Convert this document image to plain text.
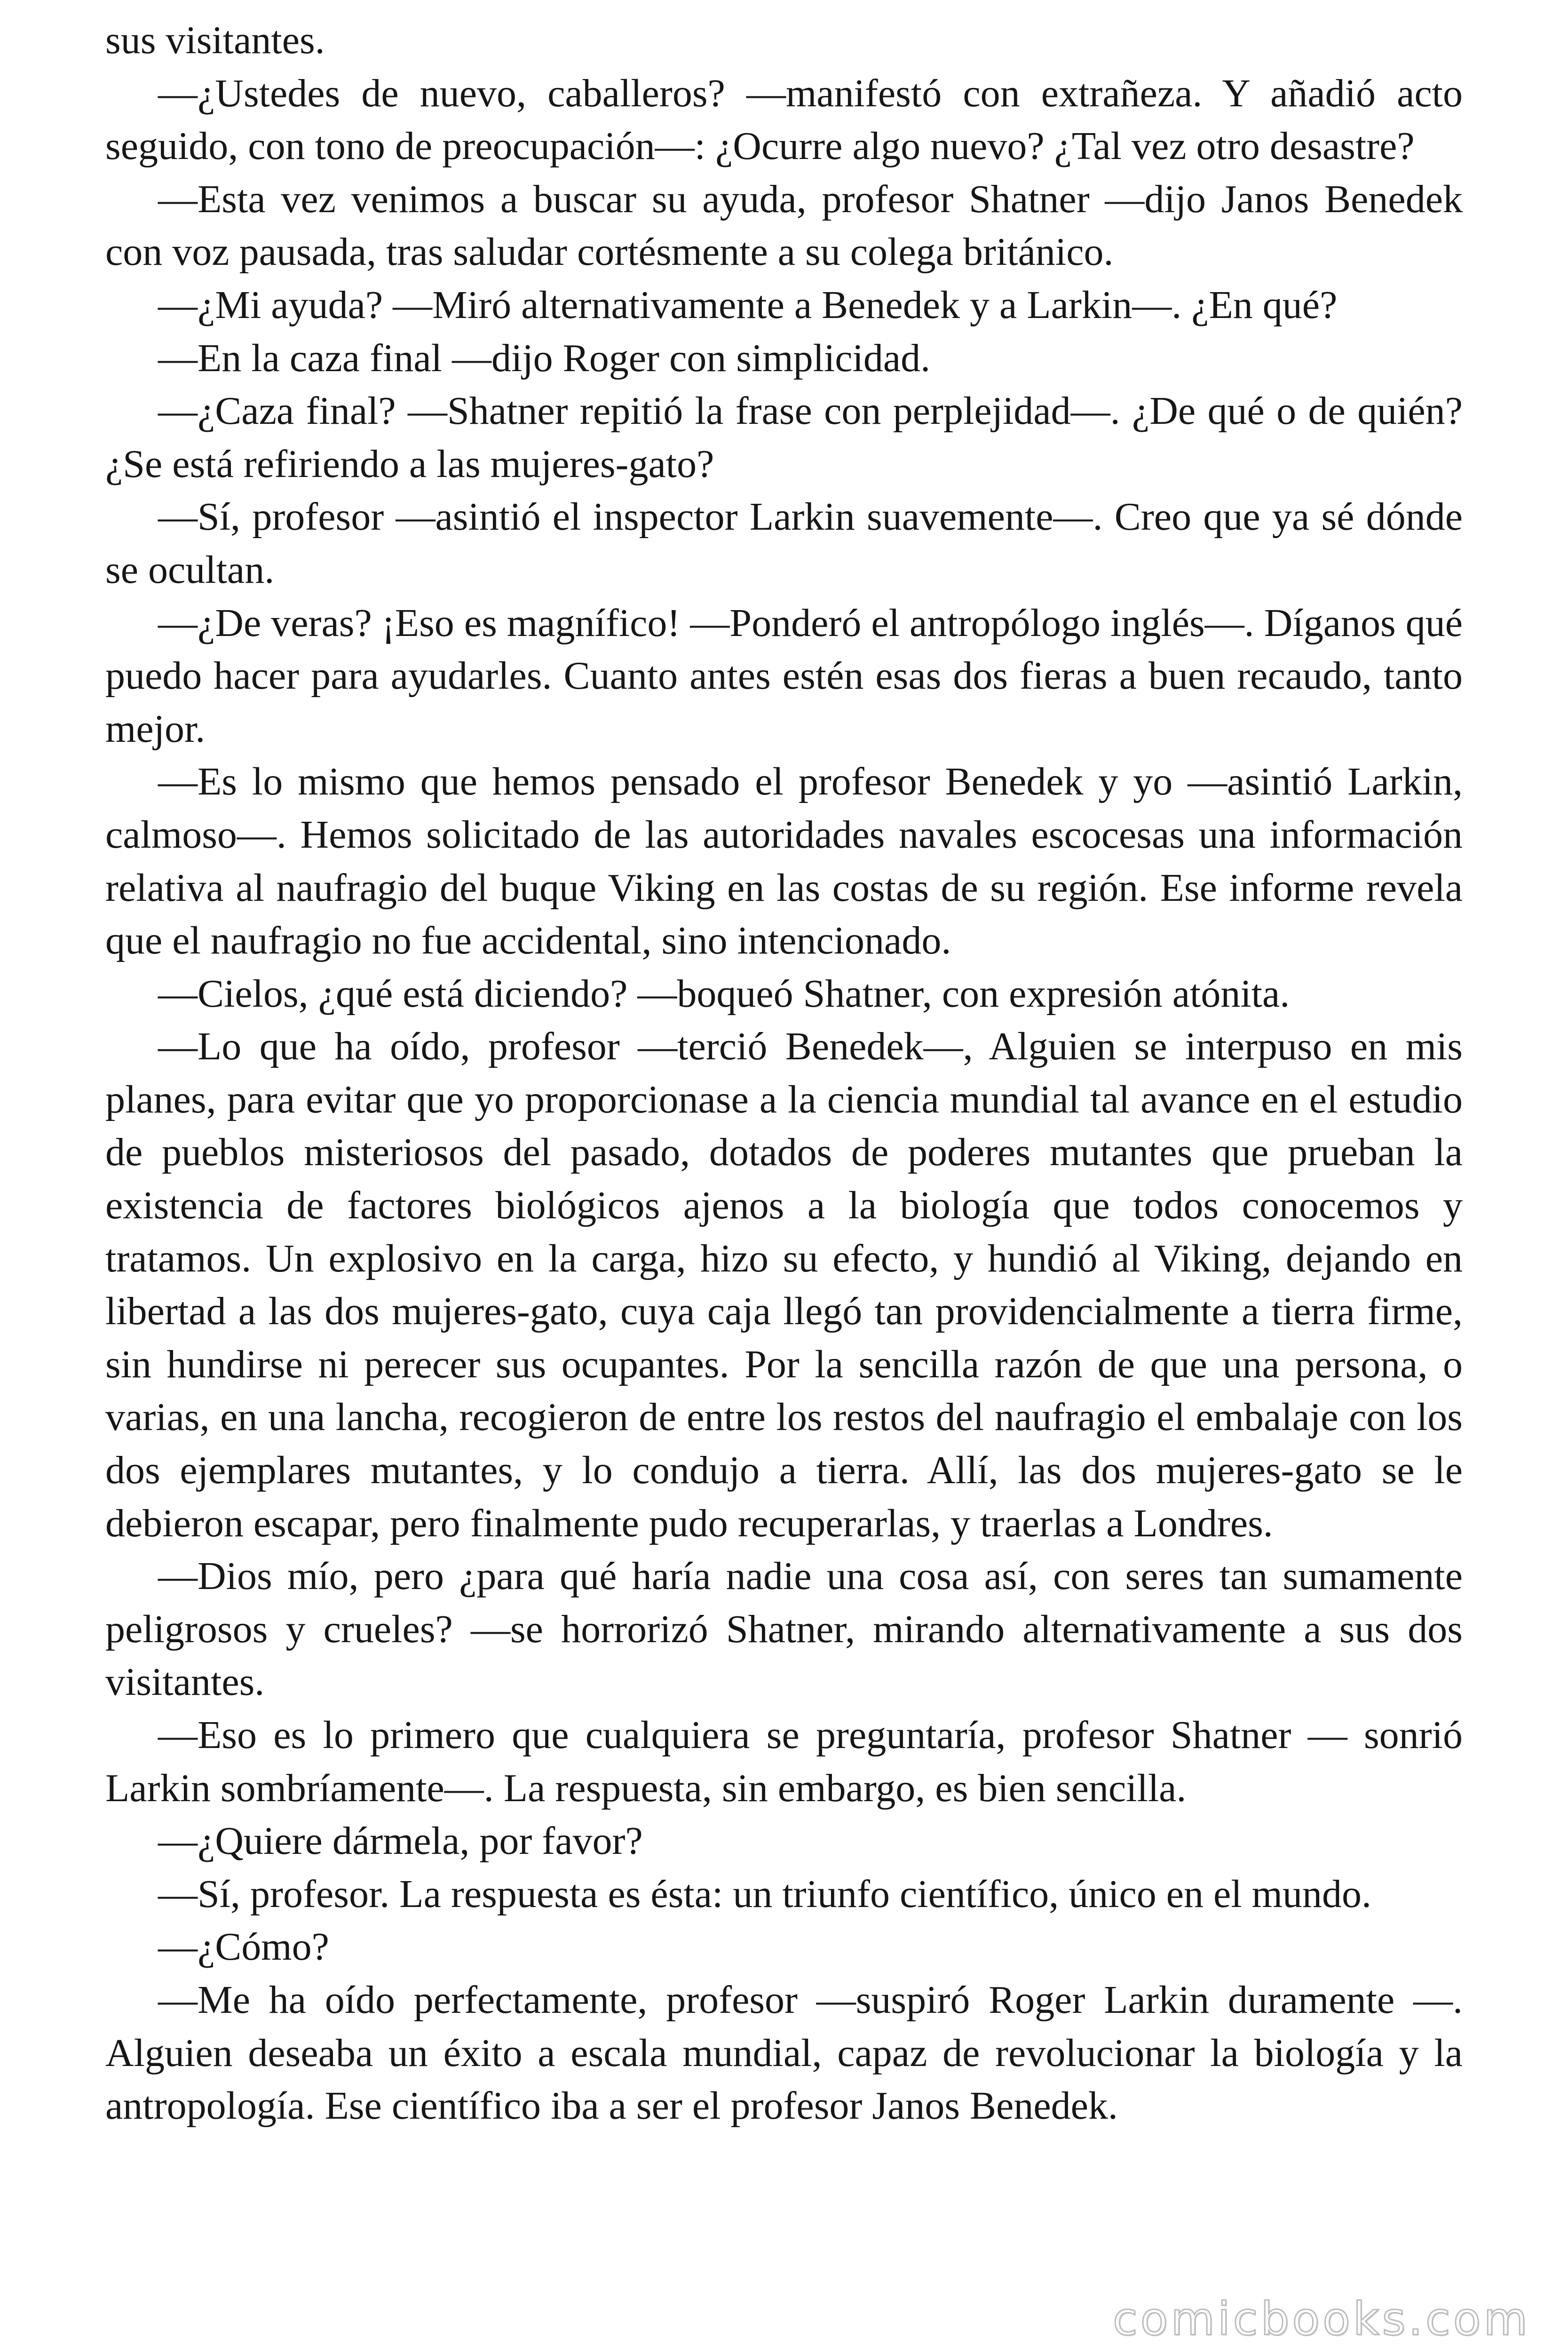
sus visitantes.

—¿Ustedes de nuevo, caballeros? —manifestó con extrañeza. Y añadió acto seguido, con tono de preocupación—: ¿Ocurre algo nuevo? ¿Tal vez otro desastre?

—Esta vez venimos a buscar su ayuda, profesor Shatner —dijo Janos Benedek con voz pausada, tras saludar cortésmente a su colega británico.

—¿Mi ayuda? —Miró alternativamente a Benedek y a Larkin—. ¿En qué?

—En la caza final —dijo Roger con simplicidad.

—¿Caza final? —Shatner repitió la frase con perplejidad—. ¿De qué o de quién? ¿Se está refiriendo a las mujeres-gato?

—Sí, profesor —asintió el inspector Larkin suavemente—. Creo que ya sé dónde se ocultan.

—¿De veras? ¡Eso es magnífico! —Ponderó el antropólogo inglés—. Díganos qué puedo hacer para ayudarles. Cuanto antes estén esas dos fieras a buen recaudo, tanto mejor.

—Es lo mismo que hemos pensado el profesor Benedek y yo —asintió Larkin, calmoso—. Hemos solicitado de las autoridades navales escocesas una información relativa al naufragio del buque Viking en las costas de su región. Ese informe revela que el naufragio no fue accidental, sino intencionado.

—Cielos, ¿qué está diciendo? —boqueó Shatner, con expresión atónita.

—Lo que ha oído, profesor —terció Benedek—, Alguien se interpuso en mis planes, para evitar que yo proporcionase a la ciencia mundial tal avance en el estudio de pueblos misteriosos del pasado, dotados de poderes mutantes que prueban la existencia de factores biológicos ajenos a la biología que todos conocemos y tratamos. Un explosivo en la carga, hizo su efecto, y hundió al Viking, dejando en libertad a las dos mujeres-gato, cuya caja llegó tan providencialmente a tierra firme, sin hundirse ni perecer sus ocupantes. Por la sencilla razón de que una persona, o varias, en una lancha, recogieron de entre los restos del naufragio el embalaje con los dos ejemplares mutantes, y lo condujo a tierra. Allí, las dos mujeres-gato se le debieron escapar, pero finalmente pudo recuperarlas, y traerlas a Londres.

—Dios mío, pero ¿para qué haría nadie una cosa así, con seres tan sumamente peligrosos y crueles? —se horrorizó Shatner, mirando alternativamente a sus dos visitantes.

—Eso es lo primero que cualquiera se preguntaría, profesor Shatner — sonrió Larkin sombríamente—. La respuesta, sin embargo, es bien sencilla.

—¿Quiere dármela, por favor?

—Sí, profesor. La respuesta es ésta: un triunfo científico, único en el mundo.

—¿Cómo?

—Me ha oído perfectamente, profesor —suspiró Roger Larkin duramente —. Alguien deseaba un éxito a escala mundial, capaz de revolucionar la biología y la antropología. Ese científico iba a ser el profesor Janos Benedek.

comicbooks.com
